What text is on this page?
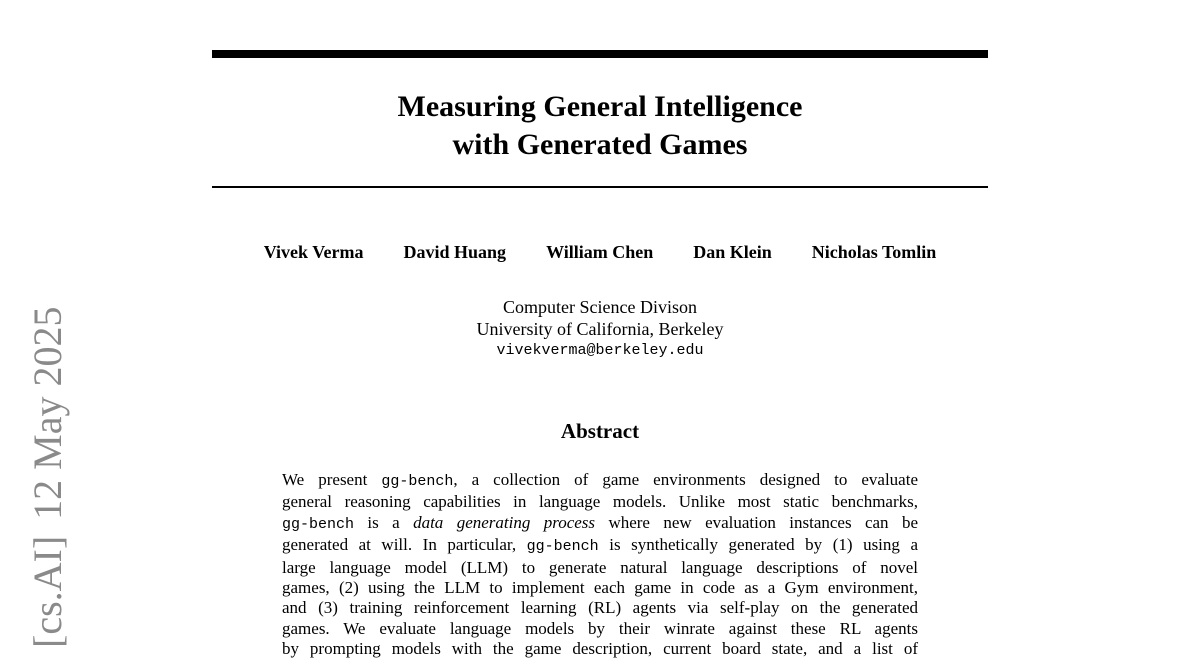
[cs.AI]12 May 2025
Measuring General Intelligence
with Generated Games
Vivek Verma David Huang William Chen Dan Klein Nicholas Tomlin
Computer Science Divison
University of California, Berkeley
vivekverma@berkeley.edu
Abstract
We present gg-bench, a collection of game environments designed to evaluate
general reasoning capabilities in language models. Unlike most static benchmarks,
gg-bench is a data generating process where new evaluation instances can be
generated at will. In particular, gg-bench is synthetically generated by (1) using a
large language model (LLM) to generate natural language descriptions of novel
games, (2) using the LLM to implement each game in code as a Gym environment,
and (3) training reinforcement learning (RL) agents via self-play on the generated
games. We evaluate language models by their winrate against these RL agents
by prompting models with the game description, current board state, and a list of
